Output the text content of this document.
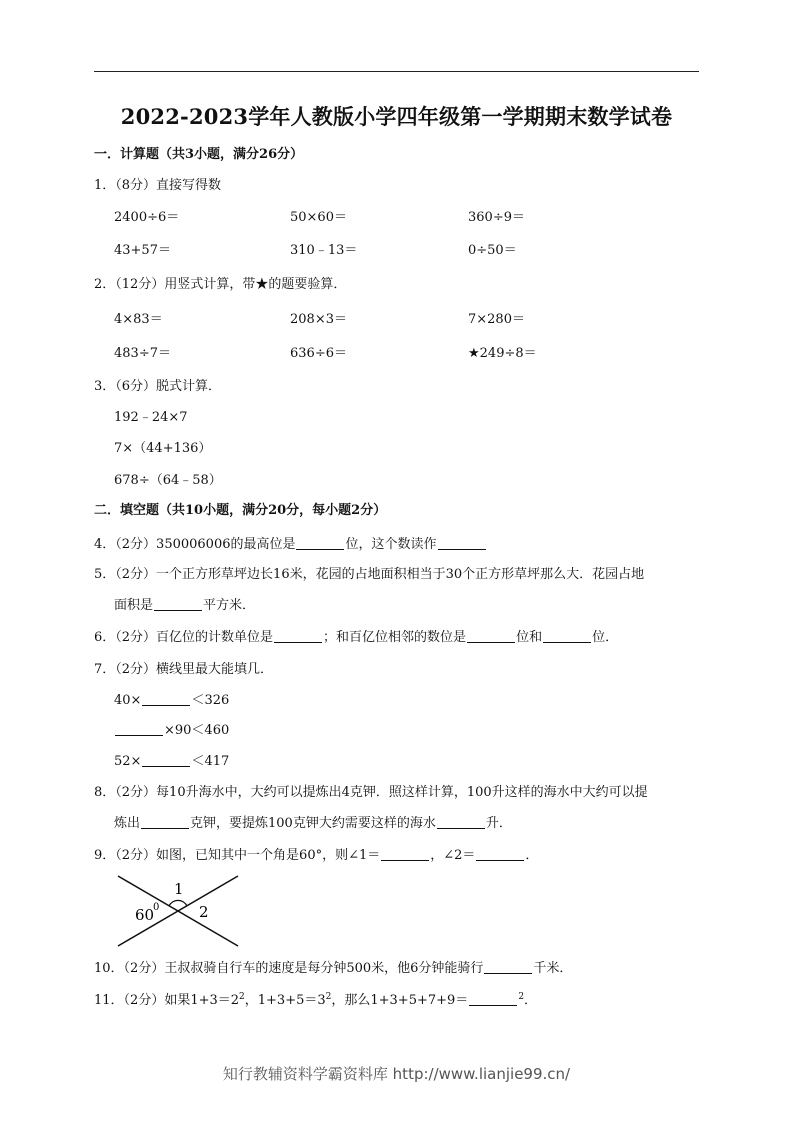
2022-2023学年人教版小学四年级第一学期期末数学试卷
一．计算题（共3小题，满分26分）
1．（8分）直接写得数
2400÷6＝	50×60＝	360÷9＝
43+57＝	310﹣13＝	0÷50＝
2．（12分）用竖式计算，带★的题要验算．
4×83＝	208×3＝	7×280＝
483÷7＝	636÷6＝	★249÷8＝
3．（6分）脱式计算．
192﹣24×7
7×（44+136）
678÷（64﹣58）
二．填空题（共10小题，满分20分，每小题2分）
4．（2分）350006006的最高位是	位，这个数读作
5．（2分）一个正方形草坪边长16米，花园的占地面积相当于30个正方形草坪那么大．花园占地
面积是	平方米．
6．（2分）百亿位的计数单位是	；和百亿位相邻的数位是	位和	位．
7．（2分）横线里最大能填几．
40×	＜326
×90＜460
52×	＜417
8．（2分）每10升海水中，大约可以提炼出4克钾．照这样计算，100升这样的海水中大约可以提
炼出	克钾，要提炼100克钾大约需要这样的海水	升．
9．（2分）如图，已知其中一个角是60°，则∠1＝	，∠2＝	．
1
2
60
0
10．（2分）王叔叔骑自行车的速度是每分钟500米，他6分钟能骑行	千米．
11．（2分）如果$1+3=2^2$，$1+3+5=3^2$，那么1+3+5+7+9＝	$^2$．
知行教辅资料学霸资料库 http://www.lianjie99.cn/
